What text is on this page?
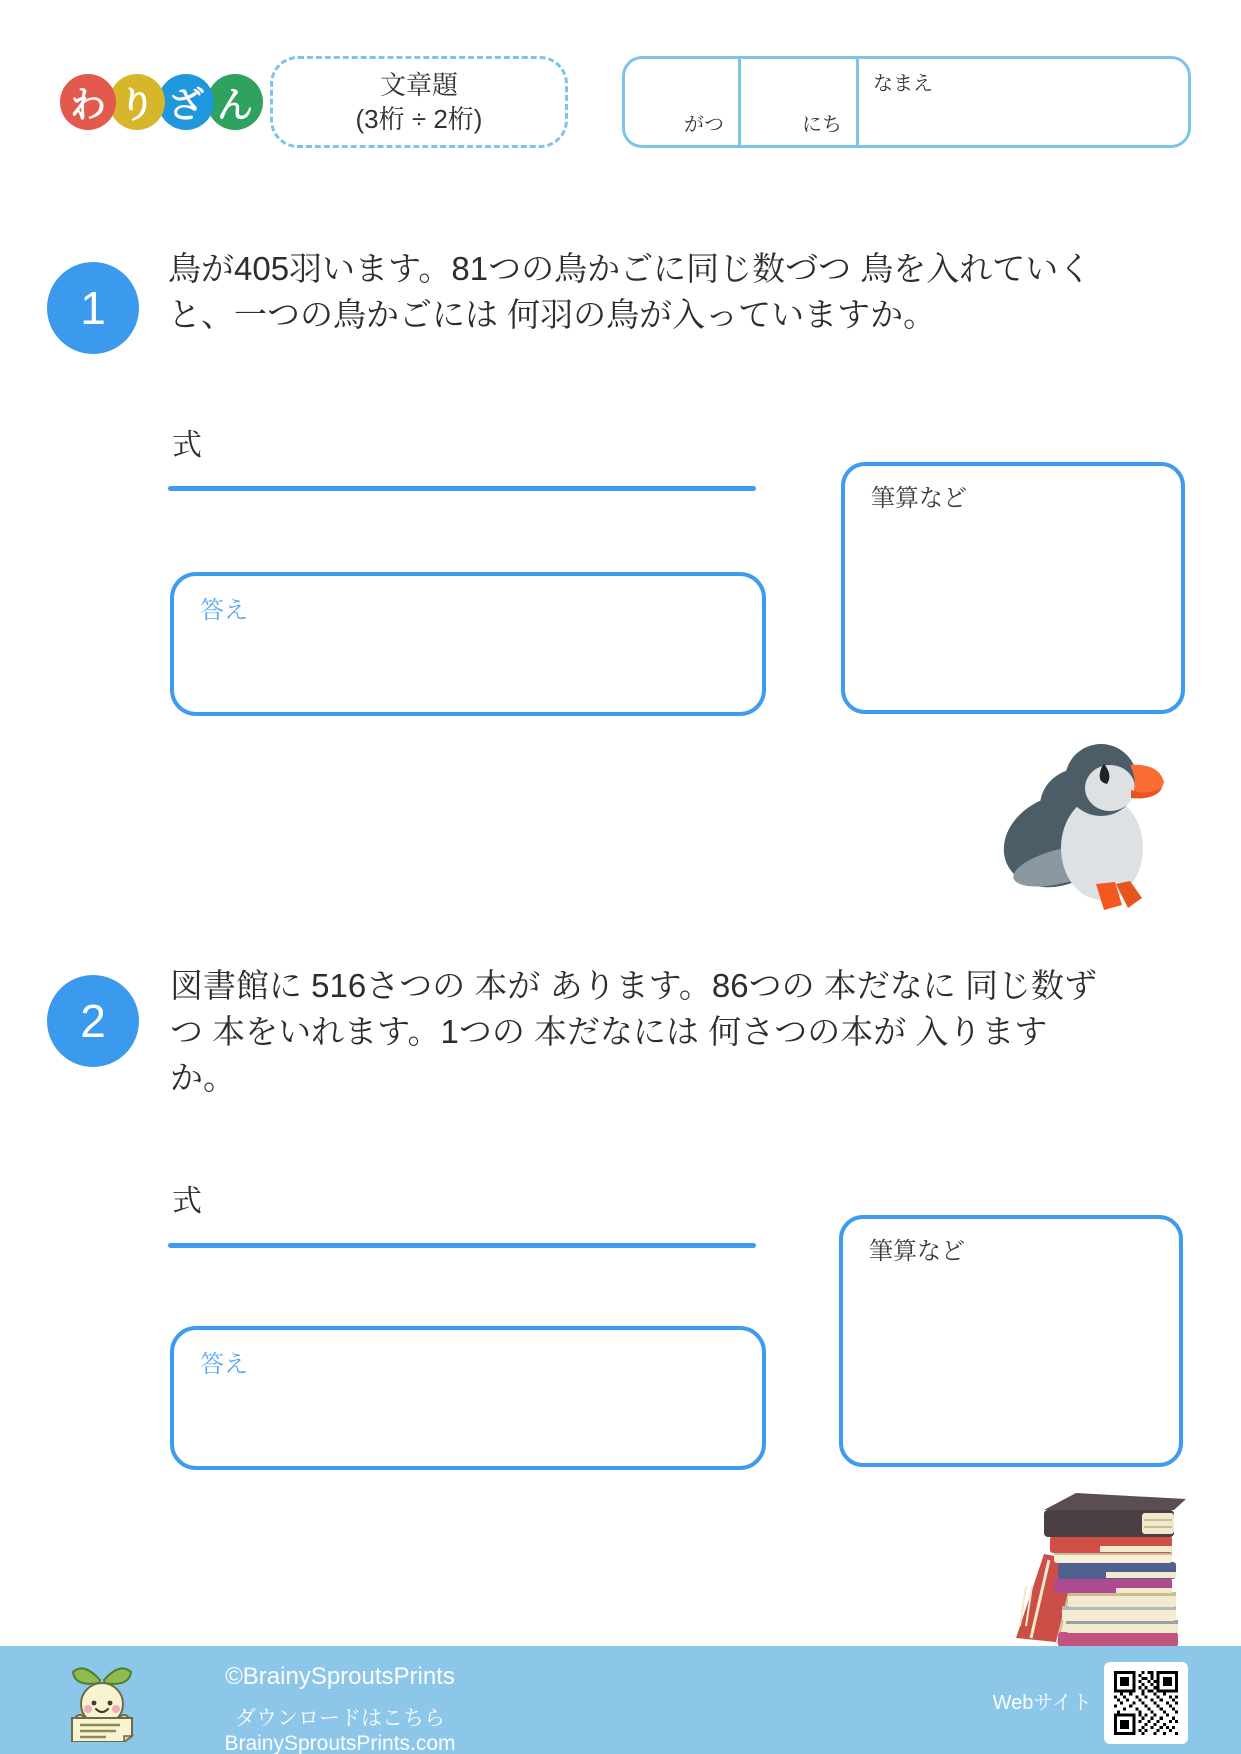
わ り ざ ん	文章題
(3桁 ÷ 2桁)	がつ	にち
なまえ
1
鳥が405羽います。81つの鳥かごに同じ数づつ 鳥を入れていくと、一つの鳥かごには 何羽の鳥が入っていますか。
式
筆算など
答え
2
図書館に 516さつの 本が あります。86つの 本だなに 同じ数ずつ 本をいれます。1つの 本だなには 何さつの本が 入りますか。
式
筆算など
答え
©BrainySproutsPrints
ダウンロードはこちら BrainySproutsPrints.com
Webサイト
